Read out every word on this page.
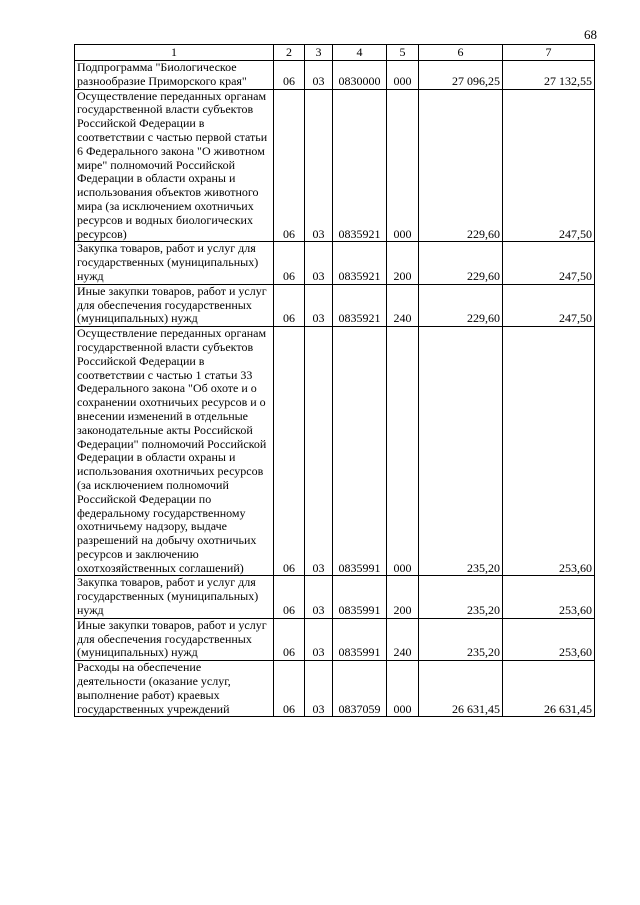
68
1	2	3	4	5	6	7
Подпрограмма "Биологическое разнообразие Приморского края"	06	03	0830000	000	27 096,25	27 132,55
Осуществление переданных органам государственной власти субъектов Российской Федерации в соответствии с частью первой статьи 6 Федерального закона "О животном мире" полномочий Российской Федерации в области охраны и использования объектов животного мира (за исключением охотничьих ресурсов и водных биологических ресурсов)	06	03	0835921	000	229,60	247,50
Закупка товаров, работ и услуг для государственных (муниципальных) нужд	06	03	0835921	200	229,60	247,50
Иные закупки товаров, работ и услуг для обеспечения государственных (муниципальных) нужд	06	03	0835921	240	229,60	247,50
Осуществление переданных органам государственной власти субъектов Российской Федерации в соответствии с частью 1 статьи 33 Федерального закона "Об охоте и о сохранении охотничьих ресурсов и о внесении изменений в отдельные законодательные акты Российской Федерации" полномочий Российской Федерации в области охраны и использования охотничьих ресурсов (за исключением полномочий Российской Федерации по федеральному государственному охотничьему надзору, выдаче разрешений на добычу охотничьих ресурсов и заключению охотхозяйственных соглашений)	06	03	0835991	000	235,20	253,60
Закупка товаров, работ и услуг для государственных (муниципальных) нужд	06	03	0835991	200	235,20	253,60
Иные закупки товаров, работ и услуг для обеспечения государственных (муниципальных) нужд	06	03	0835991	240	235,20	253,60
Расходы на обеспечение деятельности (оказание услуг, выполнение работ) краевых государственных учреждений	06	03	0837059	000	26 631,45	26 631,45
